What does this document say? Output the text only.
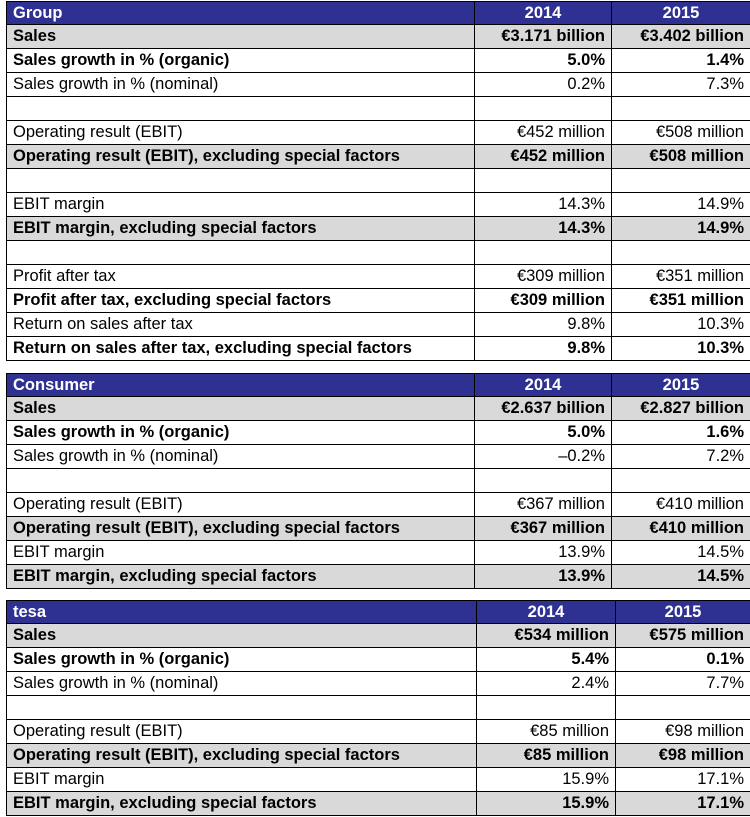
Group	2014	2015
Sales	€3.171 billion	€3.402 billion
Sales growth in % (organic)	5.0%	1.4%
Sales growth in % (nominal)	0.2%	7.3%

Operating result (EBIT)	€452 million	€508 million
Operating result (EBIT), excluding special factors	€452 million	€508 million

EBIT margin	14.3%	14.9%
EBIT margin, excluding special factors	14.3%	14.9%

Profit after tax	€309 million	€351 million
Profit after tax, excluding special factors	€309 million	€351 million
Return on sales after tax	9.8%	10.3%
Return on sales after tax, excluding special factors	9.8%	10.3%
Consumer	2014	2015
Sales	€2.637 billion	€2.827 billion
Sales growth in % (organic)	5.0%	1.6%
Sales growth in % (nominal)	–0.2%	7.2%

Operating result (EBIT)	€367 million	€410 million
Operating result (EBIT), excluding special factors	€367 million	€410 million
EBIT margin	13.9%	14.5%
EBIT margin, excluding special factors	13.9%	14.5%
tesa	2014	2015
Sales	€534 million	€575 million
Sales growth in % (organic)	5.4%	0.1%
Sales growth in % (nominal)	2.4%	7.7%

Operating result (EBIT)	€85 million	€98 million
Operating result (EBIT), excluding special factors	€85 million	€98 million
EBIT margin	15.9%	17.1%
EBIT margin, excluding special factors	15.9%	17.1%
